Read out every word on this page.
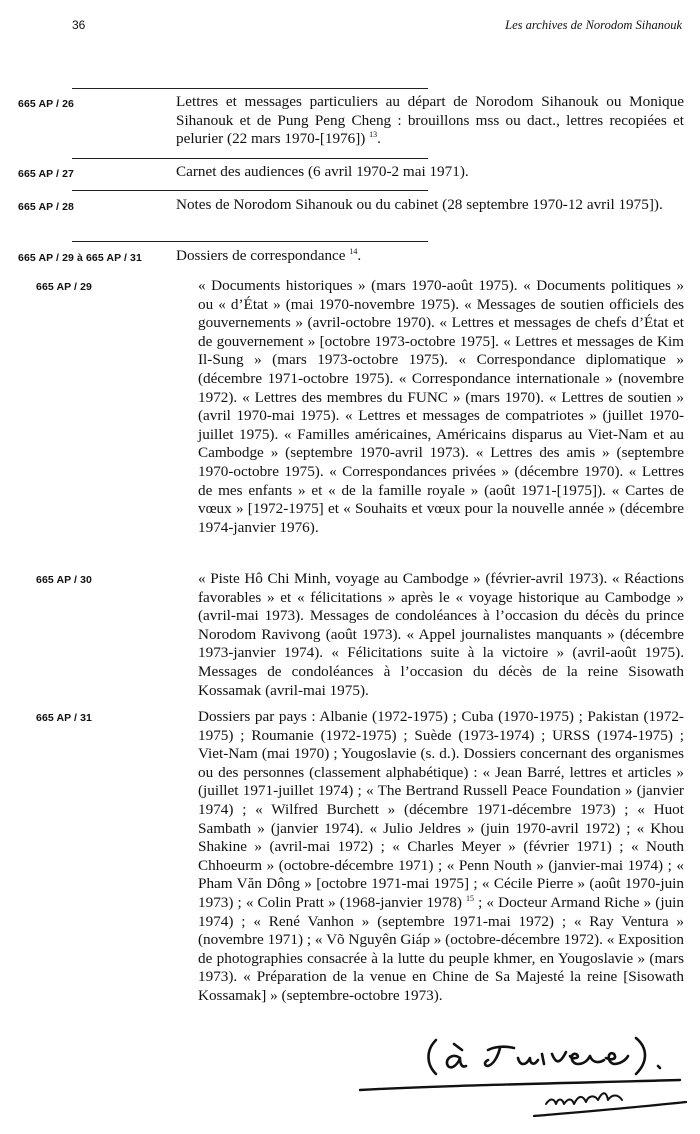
36	Les archives de Norodom Sihanouk
665 AP / 26	Lettres et messages particuliers au départ de Norodom Sihanouk ou Monique Sihanouk et de Pung Peng Cheng : brouillons mss ou dact., lettres recopiées et pelurier (22 mars 1970-[1976]) $^{13}$.
665 AP / 27	Carnet des audiences (6 avril 1970-2 mai 1971).
665 AP / 28	Notes de Norodom Sihanouk ou du cabinet (28 septembre 1970-12 avril 1975]).
665 AP / 29 à 665 AP / 31 Dossiers de correspondance $^{14}$.
665 AP / 29	« Documents historiques » (mars 1970-août 1975). « Documents politiques » ou « d’État » (mai 1970-novembre 1975). « Messages de soutien officiels des gouvernements » (avril-octobre 1970). « Lettres et messages de chefs d’État et de gouvernement » [octobre 1973-octobre 1975]. « Lettres et messages de Kim Il-Sung » (mars 1973-octobre 1975). « Correspondance diplomatique » (décembre 1971-octobre 1975). « Correspondance internationale » (novembre 1972). « Lettres des membres du FUNC » (mars 1970). « Lettres de soutien » (avril 1970-mai 1975). « Lettres et messages de compatriotes » (juillet 1970-juillet 1975). « Familles américaines, Américains disparus au Viet-Nam et au Cambodge » (septembre 1970-avril 1973). « Lettres des amis » (septembre 1970-octobre 1975). « Correspondances privées » (décembre 1970). « Lettres de mes enfants » et « de la famille royale » (août 1971-[1975]). « Cartes de vœux » [1972-1975] et « Souhaits et vœux pour la nouvelle année » (décembre 1974-janvier 1976).
665 AP / 30	« Piste Hô Chi Minh, voyage au Cambodge » (février-avril 1973). « Réactions favorables » et « félicitations » après le « voyage historique au Cambodge » (avril-mai 1973). Messages de condoléances à l’occasion du décès du prince Norodom Ravivong (août 1973). « Appel journalistes manquants » (décembre 1973-janvier 1974). « Félicitations suite à la victoire » (avril-août 1975). Messages de condoléances à l’occasion du décès de la reine Sisowath Kossamak (avril-mai 1975).
665 AP / 31	Dossiers par pays : Albanie (1972-1975) ; Cuba (1970-1975) ; Pakistan (1972-1975) ; Roumanie (1972-1975) ; Suède (1973-1974) ; URSS (1974-1975) ; Viet-Nam (mai 1970) ; Yougoslavie (s. d.). Dossiers concernant des organismes ou des personnes (classement alphabétique) : « Jean Barré, lettres et articles » (juillet 1971-juillet 1974) ; « The Bertrand Russell Peace Foundation » (janvier 1974) ; « Wilfred Burchett » (décembre 1971-décembre 1973) ; « Huot Sambath » (janvier 1974). « Julio Jeldres » (juin 1970-avril 1972) ; « Khou Shakine » (avril-mai 1972) ; « Charles Meyer » (février 1971) ; « Nouth Chhoeurm » (octobre-décembre 1971) ; « Penn Nouth » (janvier-mai 1974) ; « Pham Văn Dông » [octobre 1971-mai 1975] ; « Cécile Pierre » (août 1970-juin 1973) ; « Colin Pratt » (1968-janvier 1978) $^{15}$ ; « Docteur Armand Riche » (juin 1974) ; « René Vanhon » (septembre 1971-mai 1972) ; « Ray Ventura » (novembre 1971) ; « Võ Nguyên Giáp » (octobre-décembre 1972). « Exposition de photographies consacrée à la lutte du peuple khmer, en Yougoslavie » (mars 1973). « Préparation de la venue en Chine de Sa Majesté la reine [Sisowath Kossamak] » (septembre-octobre 1973).
